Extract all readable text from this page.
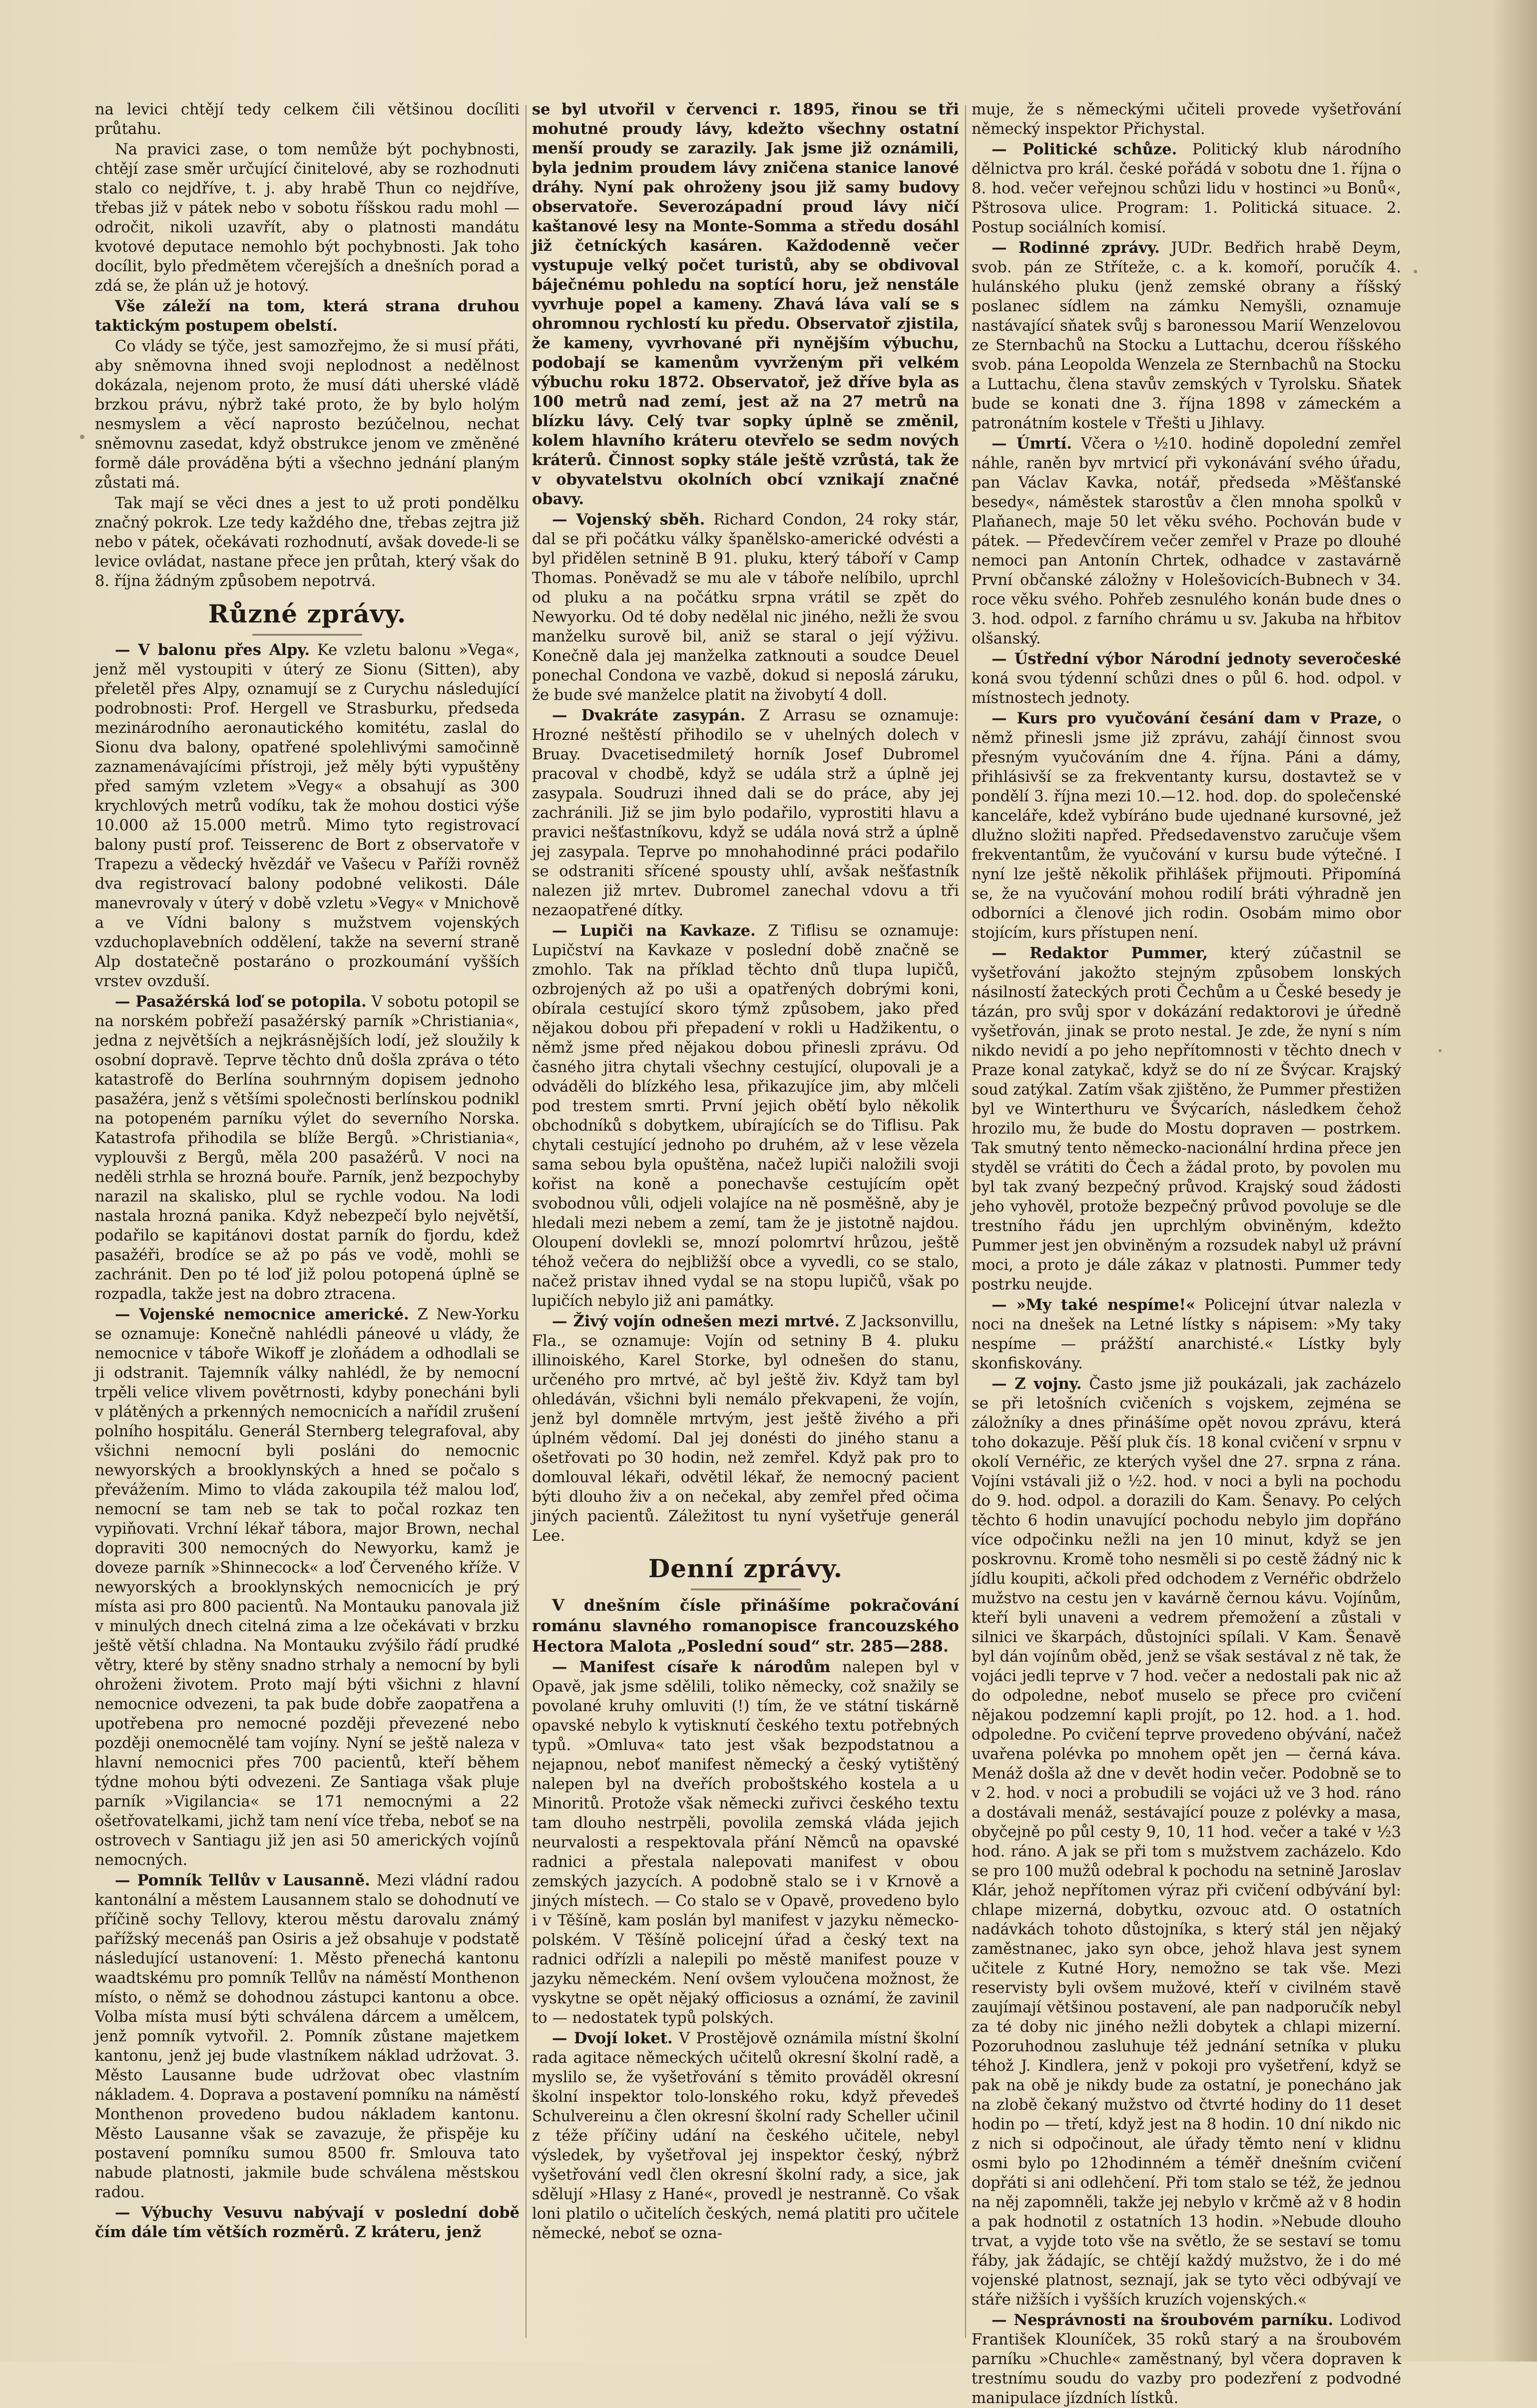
na levici chtějí tedy celkem čili většinou docíliti průtahu.

Na pravici zase, o tom nemůže být pochybnosti, chtějí zase směr určující činitelové, aby se rozhodnuti stalo co nejdříve, t. j. aby hrabě Thun co nejdříve, třebas již v pátek nebo v sobotu říšskou radu mohl — odročit, nikoli uzavřít, aby o platnosti mandátu kvotové deputace nemohlo být pochybnosti. Jak toho docílit, bylo předmětem včerejších a dnešních porad a zdá se, že plán už je hotový.

Vše záleží na tom, která strana druhou taktickým postupem obelstí.

Co vlády se týče, jest samozřejmo, že si musí přáti, aby sněmovna ihned svoji neplodnost a nedělnost dokázala, nejenom proto, že musí dáti uherské vládě brzkou právu, nýbrž také proto, že by bylo holým nesmyslem a věcí naprosto bezúčelnou, nechat sněmovnu zasedat, když obstrukce jenom ve změněné formě dále prováděna býti a všechno jednání planým zůstati má.

Tak mají se věci dnes a jest to už proti pondělku značný pokrok. Lze tedy každého dne, třebas zejtra již nebo v pátek, očekávati rozhodnutí, avšak dovede-li se levice ovládat, nastane přece jen průtah, který však do 8. října žádným způsobem nepotrvá.

Různé zprávy.

— V balonu přes Alpy. Ke vzletu balonu »Vega«, jenž měl vystoupiti v úterý ze Sionu (Sitten), aby přeletěl přes Alpy, oznamují se z Curychu následující podrobnosti: Prof. Hergell ve Strasburku, předseda mezinárodního aeronautického komitétu, zaslal do Sionu dva balony, opatřené spolehlivými samočinně zaznamenávajícími přístroji, jež měly býti vypuštěny před samým vzletem »Vegy« a obsahují as 300 krychlových metrů vodíku, tak že mohou dostici výše 10.000 až 15.000 metrů. Mimo tyto registrovací balony pustí prof. Teisserenc de Bort z observatoře v Trapezu a vědecký hvězdář ve Vašecu v Paříži rovněž dva registrovací balony podobné velikosti. Dále manevrovaly v úterý v době vzletu »Vegy« v Mnichově a ve Vídni balony s mužstvem vojenských vzduchoplavebních oddělení, takže na severní straně Alp dostatečně postaráno o prozkoumání vyšších vrstev ovzduší.

— Pasažérská loď se potopila. V sobotu potopil se na norském pobřeží pasažérský parník »Christiania«, jedna z největších a nejkrásnějších lodí, jež sloužily k osobní dopravě. Teprve těchto dnů došla zpráva o této katastrofě do Berlína souhrnným dopisem jednoho pasažéra, jenž s většími společnosti berlínskou podnikl na potopeném parníku výlet do severního Norska. Katastrofa přihodila se blíže Bergů. »Christiania«, vyplouvši z Bergů, měla 200 pasažérů. V noci na neděli strhla se hrozná bouře. Parník, jenž bezpochyby narazil na skalisko, plul se rychle vodou. Na lodi nastala hrozná panika. Když nebezpečí bylo největší, podařilo se kapitánovi dostat parník do fjordu, kdež pasažéři, brodíce se až po pás ve vodě, mohli se zachránit. Den po té loď již polou potopená úplně se rozpadla, takže jest na dobro ztracena.

— Vojenské nemocnice americké. Z New-Yorku se oznamuje: Konečně nahlédli páneové u vlády, že nemocnice v táboře Wikoff je zloňádem a odhodlali se ji odstranit. Tajemník války nahlédl, že by nemocní trpěli velice vlivem povětrnosti, kdyby ponecháni byli v plátěných a prkenných nemocnicích a nařídil zrušení polního hospitálu. Generál Sternberg telegrafoval, aby všichni nemocní byli posláni do nemocnic newyorských a brooklynských a hned se počalo s převážením. Mimo to vláda zakoupila též malou loď, nemocní se tam neb se tak to počal rozkaz ten vypiňovati. Vrchní lékař tábora, major Brown, nechal dopraviti 300 nemocných do Newyorku, kamž je doveze parník »Shinnecock« a loď Červeného kříže. V newyorských a brooklynských nemocnicích je prý místa asi pro 800 pacientů. Na Montauku panovala již v minulých dnech citelná zima a lze očekávati v brzku ještě větší chladna. Na Montauku zvýšilo řádí prudké větry, které by stěny snadno strhaly a nemocní by byli ohroženi životem. Proto mají býti všichni z hlavní nemocnice odvezeni, ta pak bude dobře zaopatřena a upotřebena pro nemocné později převezené nebo později onemocnělé tam vojíny. Nyní se ještě naleza v hlavní nemocnici přes 700 pacientů, kteří během týdne mohou býti odvezeni. Ze Santiaga však pluje parník »Vigilancia« se 171 nemocnými a 22 ošetřovatelkami, jichž tam není více třeba, neboť se na ostrovech v Santiagu již jen asi 50 amerických vojínů nemocných.

— Pomník Tellův v Lausanně. Mezi vládní radou kantonální a městem Lausannem stalo se dohodnutí ve příčině sochy Tellovy, kterou městu darovalu známý pařížský mecenáš pan Osiris a jež obsahuje v podstatě následující ustanovení: 1. Město přenechá kantonu waadtskému pro pomník Tellův na náměstí Monthenon místo, o němž se dohodnou zástupci kantonu a obce. Volba místa musí býti schválena dárcem a umělcem, jenž pomník vytvořil. 2. Pomník zůstane majetkem kantonu, jenž jej bude vlastníkem náklad udržovat. 3. Město Lausanne bude udržovat obec vlastním nákladem. 4. Doprava a postavení pomníku na náměstí Monthenon provedeno budou nákladem kantonu. Město Lausanne však se zavazuje, že přispěje ku postavení pomníku sumou 8500 fr. Smlouva tato nabude platnosti, jakmile bude schválena městskou radou.

— Výbuchy Vesuvu nabývají v poslední době čím dále tím větších rozměrů. Z kráteru, jenž

se byl utvořil v červenci r. 1895, řinou se tři mohutné proudy lávy, kdežto všechny ostatní menší proudy se zarazily. Jak jsme již oznámili, byla jednim proudem lávy zničena stanice lanové dráhy. Nyní pak ohroženy jsou již samy budovy observatoře. Severozápadní proud lávy ničí kaštanové lesy na Monte-Somma a středu dosáhl již četníckých kasáren. Každodenně večer vystupuje velký počet turistů, aby se obdivoval báječnému pohledu na soptící horu, jež nenstále vyvrhuje popel a kameny. Zhavá láva valí se s ohromnou rychlostí ku předu. Observatoř zjistila, že kameny, vyvrhované při nynějším výbuchu, podobají se kamenům vyvrženým při velkém výbuchu roku 1872. Observatoř, jež dříve byla as 100 metrů nad zemí, jest až na 27 metrů na blízku lávy. Celý tvar sopky úplně se změnil, kolem hlavního kráteru otevřelo se sedm nových kráterů. Činnost sopky stále ještě vzrůstá, tak že v obyvatelstvu okolních obcí vznikají značné obavy.

— Vojenský sběh. Richard Condon, 24 roky stár, dal se při počátku války španělsko-americké odvésti a byl přidělen setnině B 91. pluku, který táboří v Camp Thomas. Poněvadž se mu ale v táboře nelíbilo, uprchl od pluku a na počátku srpna vrátil se zpět do Newyorku. Od té doby nedělal nic jiného, nežli že svou manželku surově bil, aniž se staral o její výživu. Konečně dala jej manželka zatknouti a soudce Deuel ponechal Condona ve vazbě, dokud si neposlá záruku, že bude své manželce platit na živobytí 4 doll.

— Dvakráte zasypán. Z Arrasu se oznamuje: Hrozné neštěstí přihodilo se v uhelných dolech v Bruay. Dvacetisedmiletý horník Josef Dubromel pracoval v chodbě, když se udála strž a úplně jej zasypala. Soudruzi ihned dali se do práce, aby jej zachránili. Již se jim bylo podařilo, vyprostiti hlavu a pravici nešťastníkovu, když se udála nová strž a úplně jej zasypala. Teprve po mnohahodinné práci podařilo se odstraniti sřícené spousty uhlí, avšak nešťastník nalezen již mrtev. Dubromel zanechal vdovu a tři nezaopatřené dítky.

— Lupiči na Kavkaze. Z Tiflisu se oznamuje: Lupičství na Kavkaze v poslední době značně se zmohlo. Tak na příklad těchto dnů tlupa lupičů, ozbrojených až po uši a opatřených dobrými koni, obírala cestující skoro týmž způsobem, jako před nějakou dobou při přepadení v rokli u Hadžikentu, o němž jsme před nějakou dobou přinesli zprávu. Od časného jitra chytali všechny cestující, olupovali je a odváděli do blízkého lesa, přikazujíce jim, aby mlčeli pod trestem smrti. První jejich obětí bylo několik obchodníků s dobytkem, ubírajících se do Tiflisu. Pak chytali cestující jednoho po druhém, až v lese vězela sama sebou byla opuštěna, načež lupiči naložili svoji kořist na koně a ponechavše cestujícím opět svobodnou vůli, odjeli volajíce na ně posměšně, aby je hledali mezi nebem a zemí, tam že je jistotně najdou. Oloupení dovlekli se, mnozí polomrtví hrůzou, ještě téhož večera do nejbližší obce a vyvedli, co se stalo, načež pristav ihned vydal se na stopu lupičů, však po lupičích nebylo již ani památky.

— Živý vojín odnešen mezi mrtvé. Z Jacksonvillu, Fla., se oznamuje: Vojín od setniny B 4. pluku illinoiského, Karel Storke, byl odnešen do stanu, určeného pro mrtvé, ač byl ještě živ. Když tam byl ohledáván, všichni byli nemálo překvapeni, že vojín, jenž byl domněle mrtvým, jest ještě živého a při úplném vědomí. Dal jej donésti do jiného stanu a ošetřovati po 30 hodin, než zemřel. Když pak pro to domlouval lékaři, odvětil lékař, že nemocný pacient býti dlouho živ a on nečekal, aby zemřel před očima jiných pacientů. Záležitost tu nyní vyšetřuje generál Lee.

Denní zprávy.

V dnešním čísle přinášíme pokračování románu slavného romanopisce francouzského Hectora Malota „Poslední soud“ str. 285—288.

— Manifest císaře k národům nalepen byl v Opavě, jak jsme sdělili, tolikо německy, což snažily se povolané kruhy omluviti (!) tím, že ve státní tiskárně opavské nebylo k vytisknutí českého textu potřebných typů. »Omluva« tato jest však bezpodstatnou a nejapnou, neboť manifest německý a český vytištěný nalepen byl na dveřích proboštského kostela a u Minoritů. Protože však německi zuřivci českého textu tam dlouho nestrpěli, povolila zemská vláda jejich neurvalosti a respektovala přání Němců na opavské radnici a přestala nalepovati manifest v obou zemských jazycích. A podobně stalo se i v Krnově a jiných místech. — Co stalo se v Opavě, provedeno bylo i v Těšíně, kam poslán byl manifest v jazyku německo-polském. V Těšíně policejní úřad a český text na radnici odřízli a nalepili po městě manifest pouze v jazyku německém. Není ovšem vyloučena možnost, že vyskytne se opět nějaký officiosus a oznámí, že zavinil to — nedostatek typů polských.

— Dvojí loket. V Prostějově oznámila místní školní rada agitace německých učitelů okresní školní radě, a myslilo se, že vyšetřování s těmito prováděl okresní školní inspektor tolo-lonského roku, když převedeš Schulvereinu a člen okresní školní rady Scheller učinil z téže příčiny udání na českého učitele, nebyl výsledek, by vyšetřoval jej inspektor český, nýbrž vyšetřování vedl člen okresní školní rady, a sice, jak sdělují »Hlasy z Hané«, provedl je nestranně. Co však loni platilo o učitelích českých, nemá platiti pro učitele německé, neboť se ozna-

muje, že s německými učiteli provede vyšetřování německý inspektor Přichystal.

— Politické schůze. Politický klub národního dělnictva pro král. české pořádá v sobotu dne 1. října o 8. hod. večer veřejnou schůzi lidu v hostinci »u Bonů«, Pštrosova ulice. Program: 1. Politická situace. 2. Postup sociálních komisí.

— Rodinné zprávy. JUDr. Bedřich hrabě Deym, svob. pán ze Stříteže, c. a k. komoří, poručík 4. hulánského pluku (jenž zemské obrany a říšský poslanec sídlem na zámku Nemyšli, oznamuje nastávající sňatek svůj s baronessou Marií Wenzelovou ze Sternbachů na Stocku a Luttachu, dcerou říšského svob. pána Leopolda Wenzela ze Sternbachů na Stocku a Luttachu, člena stavův zemských v Tyrolsku. Sňatek bude se konati dne 3. října 1898 v zámeckém a patronátním kostele v Třešti u Jihlavy.

— Úmrtí. Včera o ½10. hodině dopolední zemřel náhle, raněn byv mrtvicí při vykonávání svého úřadu, pan Václav Kavka, notář, předseda »Měšťanské besedy«, náměstek starostův a člen mnoha spolků v Plaňanech, maje 50 let věku svého. Pochován bude v pátek. — Předevčírem večer zemřel v Praze po dlouhé nemoci pan Antonín Chrtek, odhadce v zastavárně První občanské záložny v Holešovicích-Bubnech v 34. roce věku svého. Pohřeb zesnulého konán bude dnes o 3. hod. odpol. z farního chrámu u sv. Jakuba na hřbitov olšanský.

— Ústřední výbor Národní jednoty severočeské koná svou týdenní schůzi dnes o půl 6. hod. odpol. v místnostech jednoty.

— Kurs pro vyučování česání dam v Praze, o němž přinesli jsme již zprávu, zahájí činnost svou přesným vyučováním dne 4. října. Páni a dámy, přihlásivší se za frekventanty kursu, dostavtež se v pondělí 3. října mezi 10.—12. hod. dop. do společenské kanceláře, kdež vybíráno bude ujednané kursovné, jež dlužno složiti napřed. Předsedavenstvo zaručuje všem frekventantům, že vyučování v kursu bude výtečné. I nyní lze ještě několik přihlášek přijmouti. Připomíná se, že na vyučování mohou rodilí bráti výhradně jen odborníci a členové jich rodin. Osobám mimo obor stojícím, kurs přístupen není.

— Redaktor Pummer, který zúčastnil se vyšetřování jakožto stejným způsobem lonských násilností žateckých proti Čechům a u České besedy je tázán, pro svůj spor v dokázání redaktorovi je úředně vyšetřován, jinak se proto nestal. Je zde, že nyní s ním nikdo nevidí a po jeho nepřítomnosti v těchto dnech v Praze konal zatykač, když se do ní ze Švýcar. Krajský soud zatýkal. Zatím však zjištěno, že Pummer přestižen byl ve Winterthuru ve Švýcarích, následkem čehož hrozilo mu, že bude do Mostu dopraven — postrkem. Tak smutný tento německo-nacionální hrdina přece jen styděl se vrátiti do Čech a žádal proto, by povolen mu byl tak zvaný bezpečný průvod. Krajský soud žádosti jeho vyhověl, protože bezpečný průvod povoluje se dle trestního řádu jen uprchlým obviněným, kdežto Pummer jest jen obviněným a rozsudek nabyl už právní moci, a proto je dále zákaz v platnosti. Pummer tedy postrku neujde.

— »My také nespíme!« Policejní útvar nalezla v noci na dnešek na Letné lístky s nápisem: »My taky nespíme — prážští anarchisté.« Lístky byly skonfiskovány.

— Z vojny. Často jsme již poukázali, jak zacházelo se při letošních cvičeních s vojskem, zejména se záložníky a dnes přinášíme opět novou zprávu, která toho dokazuje. Pěší pluk čís. 18 konal cvičení v srpnu v okolí Vernéřic, ze kterých vyšel dne 27. srpna z rána. Vojíni vstávali již o ½2. hod. v noci a byli na pochodu do 9. hod. odpol. a dorazili do Kam. Šenavy. Po celých těchto 6 hodin unavující pochodu nebylo jim dopřáno více odpočinku nežli na jen 10 minut, když se jen poskrovnu. Kromě toho nesměli si po cestě žádný nic k jídlu koupiti, ačkoli před odchodem z Vernéřic obdrželo mužstvo na cestu jen v kavárně černou kávu. Vojínům, kteří byli unaveni a vedrem přemožení a zůstali v silnici ve škarpách, důstojníci spílali. V Kam. Šenavě byl dán vojínům oběd, jenž se však sestával z ně tak, že vojáci jedli teprve v 7 hod. večer a nedostali pak nic až do odpoledne, neboť muselo se přece pro cvičení nějakou podzemní kapli projít, po 12. hod. a 1. hod. odpoledne. Po cvičení teprve provedeno obývání, načež uvařena polévka po mnohem opět jen — černá káva. Menáž došla až dne v devět hodin večer. Podobně se to v 2. hod. v noci a probudili se vojáci už ve 3 hod. ráno a dostávali menáž, sestávající pouze z polévky a masa, obyčejně po půl cesty 9, 10, 11 hod. večer a také v ½3 hod. ráno. A jak se při tom s mužstvem zacházelo. Kdo se pro 100 mužů odebral k pochodu na setnině Jaroslav Klár, jehož nepřítomen výraz při cvičení odbývání byl: chlape mizerná, dobytku, ozvouc atd. O ostatních nadávkách tohoto důstojníka, s který stál jen nějaký zaměstnanec, jako syn obce, jehož hlava jest synem učitele z Kutné Hory, nemožno se tak vše. Mezi reservisty byli ovšem mužové, kteří v civilném stavě zaujímají většinou postavení, ale pan nadporučík nebyl za té doby nic jiného nežli dobytek a chlapi mizerní. Pozoruhodnou zasluhuje též jednání setníka v pluku téhož J. Kindlera, jenž v pokoji pro vyšetření, když se pak na obě je nikdy bude za ostatní, je ponecháno jak na zlobě čekaný mužstvo od čtvrté hodiny do 11 deset hodin po — třetí, když jest na 8 hodin. 10 dní nikdo nic z nich si odpočinout, ale úřady těmto není v klidnu osmi bylo po 12hodinném a téměř dnešním cvičení dopřáti si ani odlehčení. Při tom stalo se též, že jednou na něj zapomněli, takže jej nebylo v krčmě až v 8 hodin a pak hodnotil z ostatních 13 hodin. »Nebude dlouho trvat, a vyjde toto vše na světlo, že se sestaví se tomu řáby, jak žádajíc, se chtějí každý mužstvo, že i do mé vojenské platnost, seznají, jak se tyto věci odbývají ve stáře nižších i vyšších kruzích vojenských.«

— Nesprávnosti na šroubovém parníku. Lodivod František Klouníček, 35 roků starý a na šroubovém parníku »Chuchle« zaměstnaný, byl včera dopraven k trestnímu soudu do vazby pro podezření z podvodné manipulace jízdních lístků.
